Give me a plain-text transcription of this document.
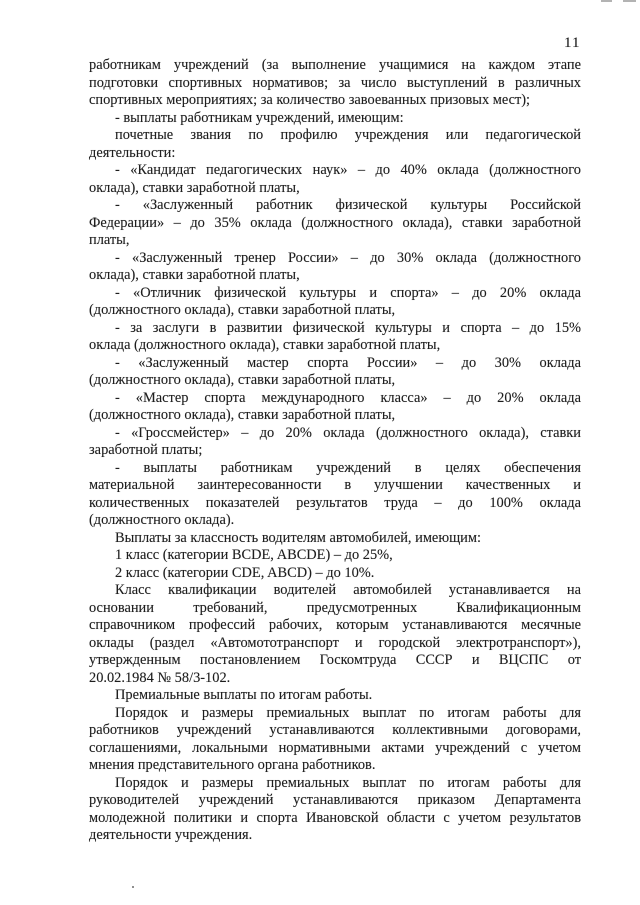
11
работникам учреждений (за выполнение учащимися на каждом этапе
подготовки спортивных нормативов; за число выступлений в различных
спортивных мероприятиях; за количество завоеванных призовых мест);
- выплаты работникам учреждений, имеющим:
почетные звания по профилю учреждения или педагогической
деятельности:
- «Кандидат педагогических наук» – до 40% оклада (должностного
оклада), ставки заработной платы,
- «Заслуженный работник физической культуры Российской
Федерации» – до 35% оклада (должностного оклада), ставки заработной
платы,
- «Заслуженный тренер России» – до 30% оклада (должностного
оклада), ставки заработной платы,
- «Отличник физической культуры и спорта» – до 20% оклада
(должностного оклада), ставки заработной платы,
- за заслуги в развитии физической культуры и спорта – до 15%
оклада (должностного оклада), ставки заработной платы,
- «Заслуженный мастер спорта России» – до 30% оклада
(должностного оклада), ставки заработной платы,
- «Мастер спорта международного класса» – до 20% оклада
(должностного оклада), ставки заработной платы,
- «Гроссмейстер» – до 20% оклада (должностного оклада), ставки
заработной платы;
- выплаты работникам учреждений в целях обеспечения
материальной заинтересованности в улучшении качественных и
количественных показателей результатов труда – до 100% оклада
(должностного оклада).
Выплаты за классность водителям автомобилей, имеющим:
1 класс (категории BCDE, ABCDE) – до 25%,
2 класс (категории CDE, ABCD) – до 10%.
Класс квалификации водителей автомобилей устанавливается на
основании требований, предусмотренных Квалификационным
справочником профессий рабочих, которым устанавливаются месячные
оклады (раздел «Автомототранспорт и городской электротранспорт»),
утвержденным постановлением Госкомтруда СССР и ВЦСПС от
20.02.1984 № 58/3-102.
Премиальные выплаты по итогам работы.
Порядок и размеры премиальных выплат по итогам работы для
работников учреждений устанавливаются коллективными договорами,
соглашениями, локальными нормативными актами учреждений с учетом
мнения представительного органа работников.
Порядок и размеры премиальных выплат по итогам работы для
руководителей учреждений устанавливаются приказом Департамента
молодежной политики и спорта Ивановской области с учетом результатов
деятельности учреждения.
